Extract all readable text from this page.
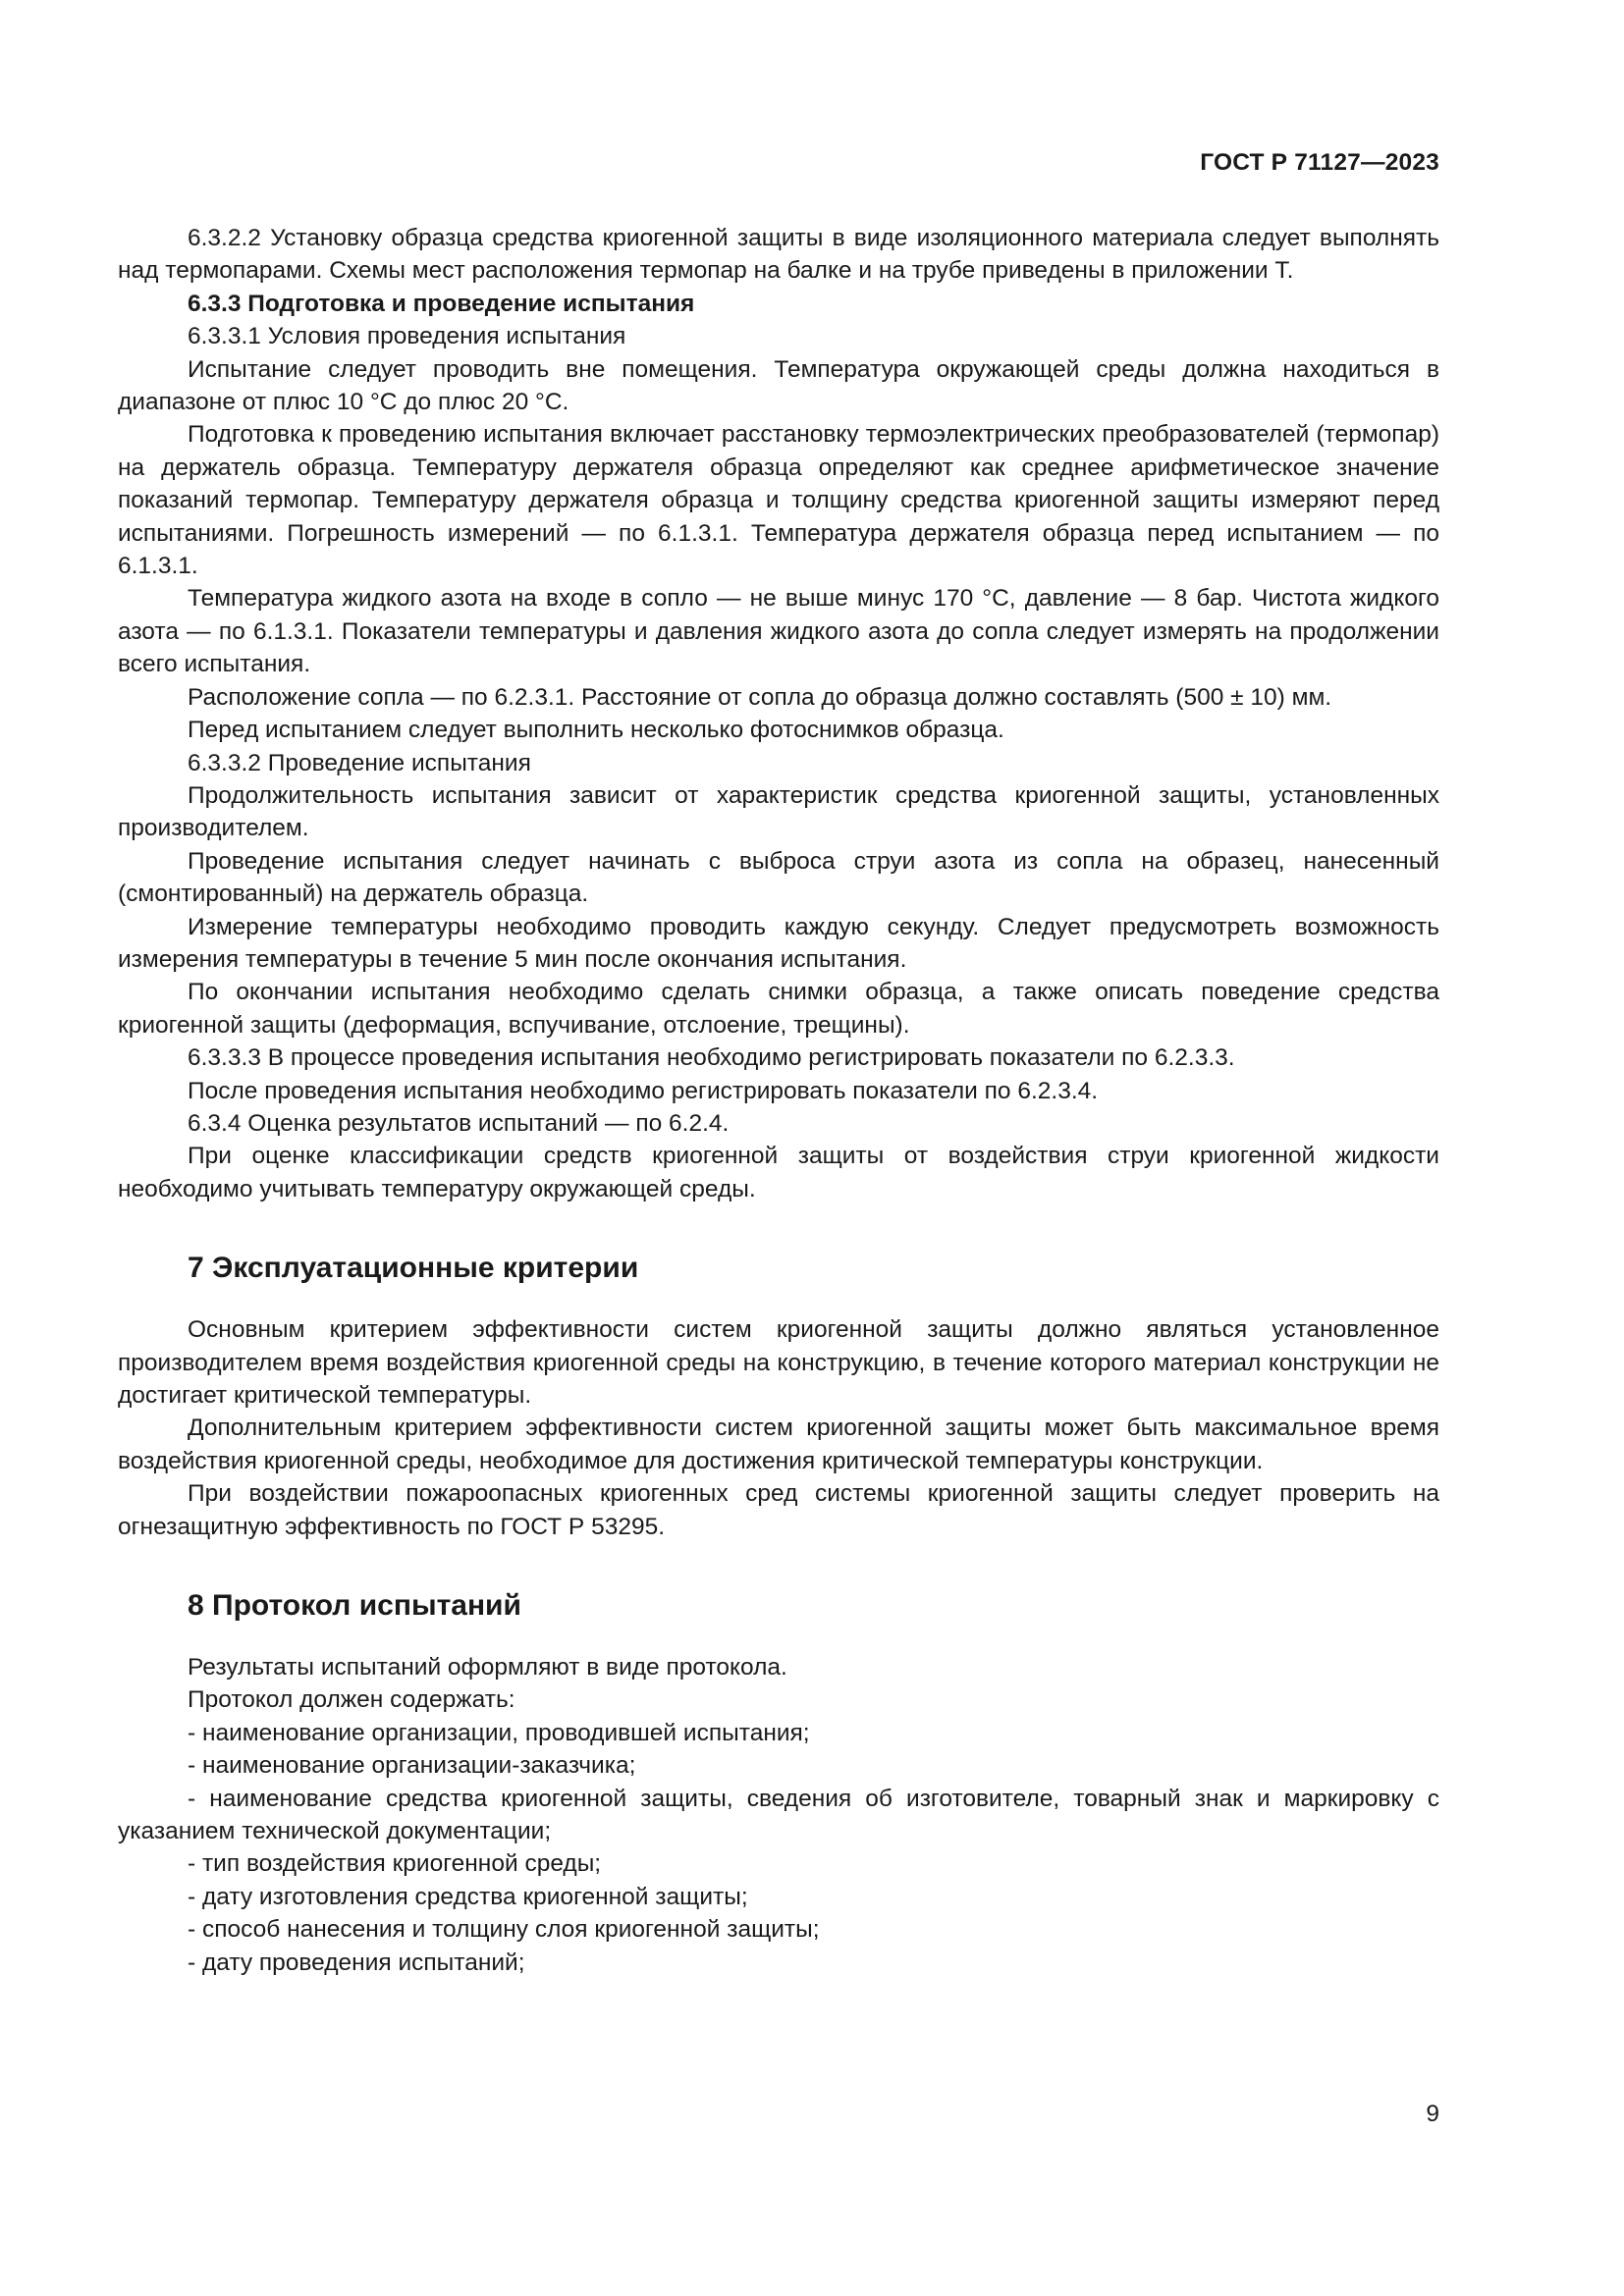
ГОСТ Р 71127—2023

6.3.2.2 Установку образца средства криогенной защиты в виде изоляционного материала следует выполнять над термопарами. Схемы мест расположения термопар на балке и на трубе приведены в приложении Т.

6.3.3 Подготовка и проведение испытания

6.3.3.1 Условия проведения испытания

Испытание следует проводить вне помещения. Температура окружающей среды должна находиться в диапазоне от плюс 10 °С до плюс 20 °С.

Подготовка к проведению испытания включает расстановку термоэлектрических преобразователей (термопар) на держатель образца. Температуру держателя образца определяют как среднее арифметическое значение показаний термопар. Температуру держателя образца и толщину средства криогенной защиты измеряют перед испытаниями. Погрешность измерений — по 6.1.3.1. Температура держателя образца перед испытанием — по 6.1.3.1.

Температура жидкого азота на входе в сопло — не выше минус 170 °С, давление — 8 бар. Чистота жидкого азота — по 6.1.3.1. Показатели температуры и давления жидкого азота до сопла следует измерять на продолжении всего испытания.

Расположение сопла — по 6.2.3.1. Расстояние от сопла до образца должно составлять (500 ± 10) мм.

Перед испытанием следует выполнить несколько фотоснимков образца.

6.3.3.2 Проведение испытания

Продолжительность испытания зависит от характеристик средства криогенной защиты, установленных производителем.

Проведение испытания следует начинать с выброса струи азота из сопла на образец, нанесенный (смонтированный) на держатель образца.

Измерение температуры необходимо проводить каждую секунду. Следует предусмотреть возможность измерения температуры в течение 5 мин после окончания испытания.

По окончании испытания необходимо сделать снимки образца, а также описать поведение средства криогенной защиты (деформация, вспучивание, отслоение, трещины).

6.3.3.3 В процессе проведения испытания необходимо регистрировать показатели по 6.2.3.3.

После проведения испытания необходимо регистрировать показатели по 6.2.3.4.

6.3.4 Оценка результатов испытаний — по 6.2.4.

При оценке классификации средств криогенной защиты от воздействия струи криогенной жидкости необходимо учитывать температуру окружающей среды.

7 Эксплуатационные критерии

Основным критерием эффективности систем криогенной защиты должно являться установленное производителем время воздействия криогенной среды на конструкцию, в течение которого материал конструкции не достигает критической температуры.

Дополнительным критерием эффективности систем криогенной защиты может быть максимальное время воздействия криогенной среды, необходимое для достижения критической температуры конструкции.

При воздействии пожароопасных криогенных сред системы криогенной защиты следует проверить на огнезащитную эффективность по ГОСТ Р 53295.

8 Протокол испытаний

Результаты испытаний оформляют в виде протокола.

Протокол должен содержать:

- наименование организации, проводившей испытания;

- наименование организации-заказчика;

- наименование средства криогенной защиты, сведения об изготовителе, товарный знак и маркировку с указанием технической документации;

- тип воздействия криогенной среды;

- дату изготовления средства криогенной защиты;

- способ нанесения и толщину слоя криогенной защиты;

- дату проведения испытаний;

9
